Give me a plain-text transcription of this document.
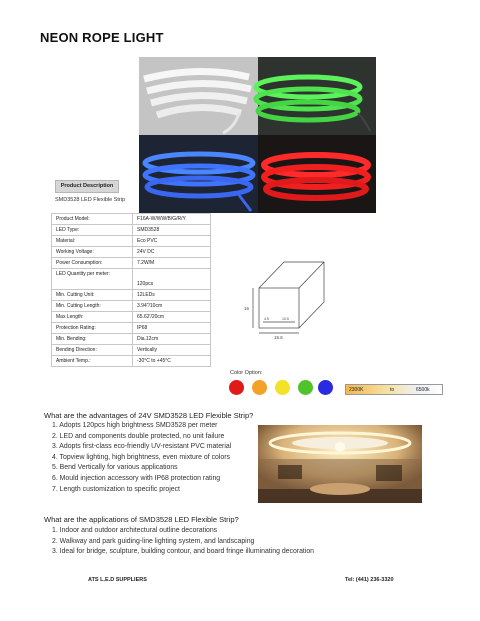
NEON ROPE LIGHT
Product Description
SMD3528 LED Flexible Strip
Product Model:	F16A-W/WW/B/G/R/Y
LED Type:	SMD3528
Material:	Eco PVC
Working Voltage:	24V DC
Power Consumption:	7.2W/M
LED Quantity per meter:	120pcs
Min. Cutting Unit:	12LEDs
Min. Cutting Length:	3.94"/10cm
Max Length:	65.62'/20cm
Protection Rating:	IP68
Min. Bending:	Dia.12cm
Bending Direction:	Vertically
Ambient Temp.:	-30°C to +45°C
16
15.6
4.5	10.5
Color Option:
2300K	to	6500k
What are the advantages of 24V SMD3528 LED Flexible Strip?
1. Adopts 120pcs high brightness SMD3528 per meter
2. LED and components double protected, no unit failure
3. Adopts first-class eco-friendly UV-resistant PVC material
4. Topview lighting, high brightness, even mixture of colors
5. Bend Vertically for various applications
6. Mould injection accessory with IP68 protection rating
7. Length customization to specific project
What are the applications of SMD3528 LED Flexible Strip?
1. Indoor and outdoor architectural outline decorations
2. Walkway and park guiding-line lighting system, and landscaping
3. Ideal for bridge, sculpture, building contour, and board fringe illuminating decoration
ATS L.E.D SUPPLIERS	Tel: (441) 236-3320
